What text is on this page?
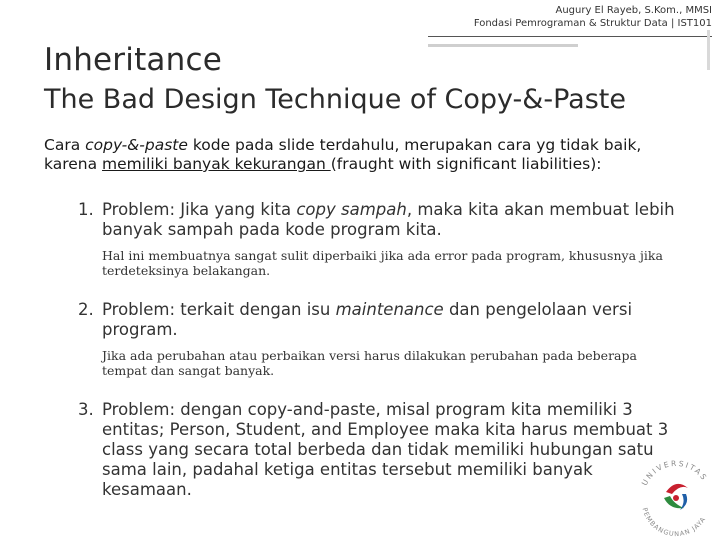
Augury El Rayeb, S.Kom., MMSI
Fondasi Pemrograman & Struktur Data | IST101
Inheritance
The Bad Design Technique of Copy-&-Paste
Cara copy-&-paste kode pada slide terdahulu, merupakan cara yg tidak baik, karena memiliki banyak kekurangan (fraught with significant liabilities):
1. Problem: Jika yang kita copy sampah, maka kita akan membuat lebih banyak sampah pada kode program kita.
Hal ini membuatnya sangat sulit diperbaiki jika ada error pada program, khususnya jika terdeteksinya belakangan.
2. Problem: terkait dengan isu maintenance dan pengelolaan versi program.
Jika ada perubahan atau perbaikan versi harus dilakukan perubahan pada beberapa tempat dan sangat banyak.
3. Problem: dengan copy-and-paste, misal program kita memiliki 3 entitas; Person, Student, and Employee maka kita harus membuat 3 class yang secara total berbeda dan tidak memiliki hubungan satu sama lain, padahal ketiga entitas tersebut memiliki banyak kesamaan.	UNIVERSITAS
PEMBANGUNAN JAYA
